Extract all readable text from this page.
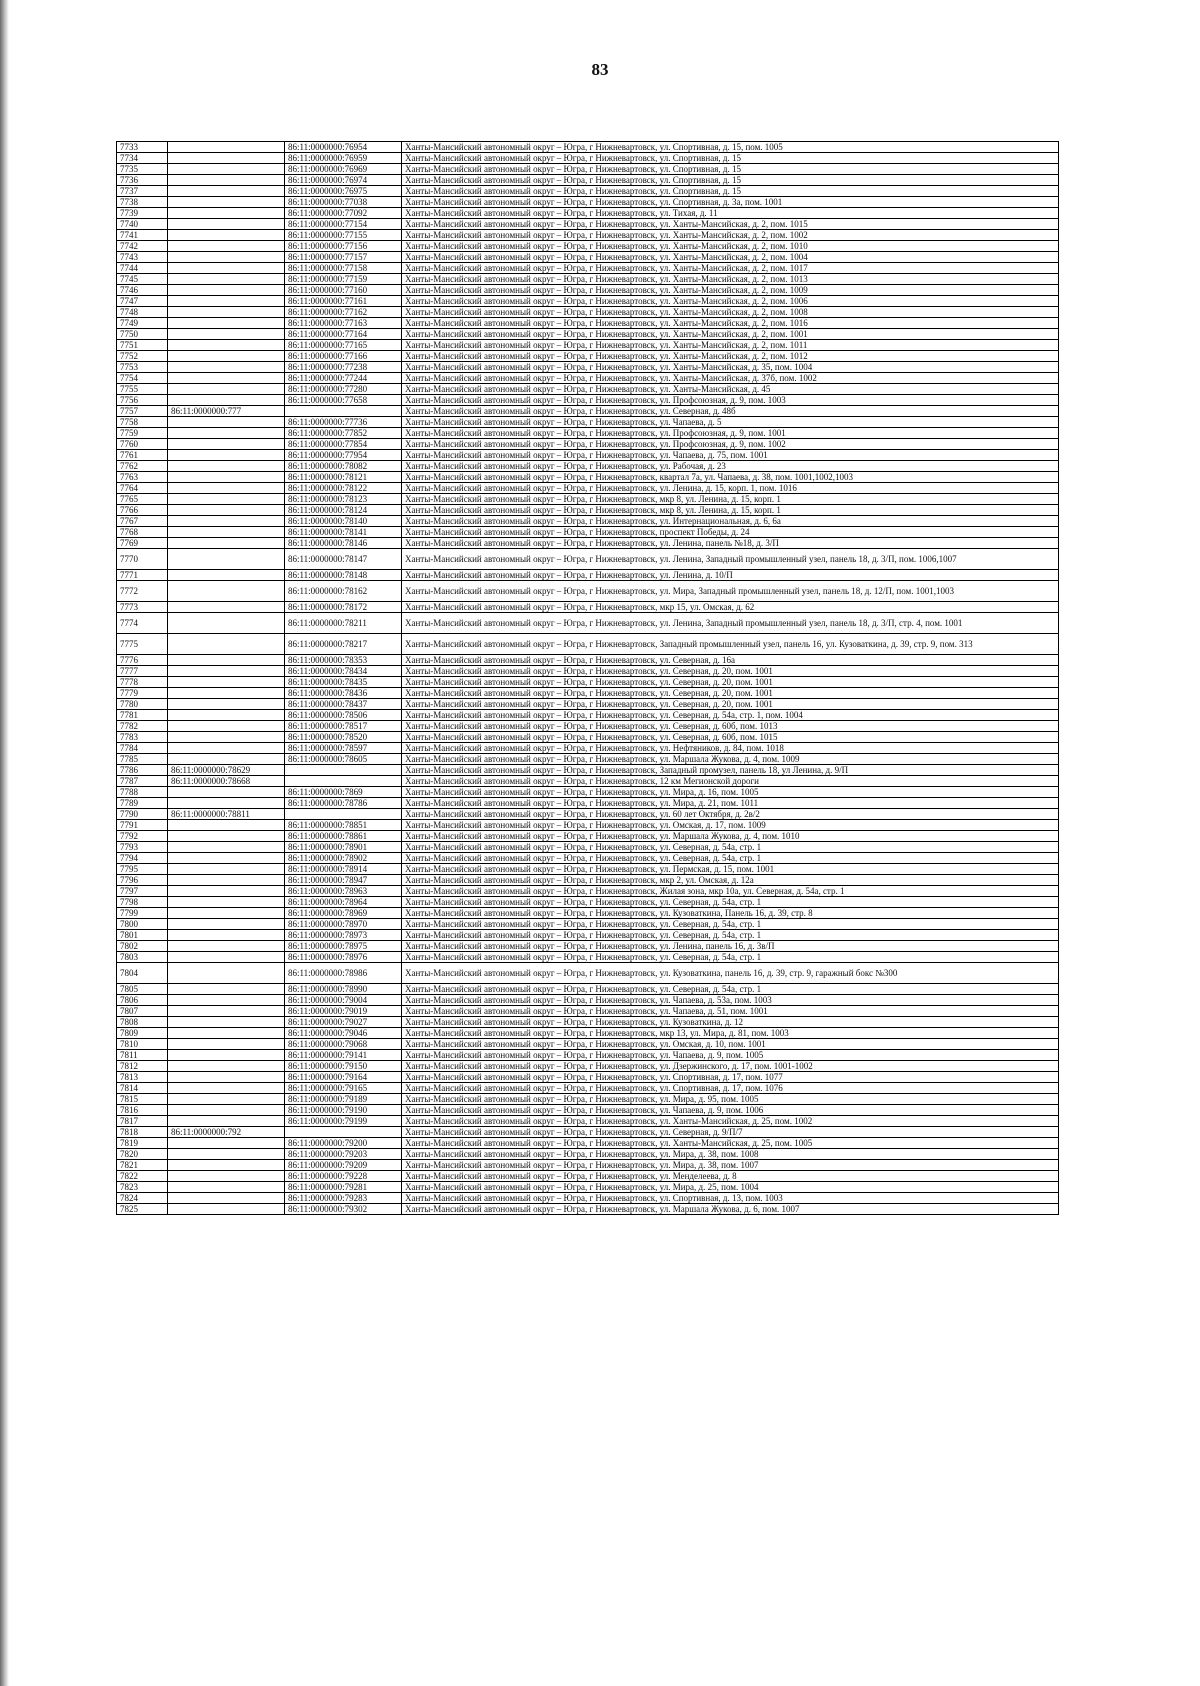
83
7733		86:11:0000000:76954	Ханты-Мансийский автономный округ – Югра, г Нижневартовск, ул. Спортивная, д. 15, пом. 1005
7734		86:11:0000000:76959	Ханты-Мансийский автономный округ – Югра, г Нижневартовск, ул. Спортивная, д. 15
7735		86:11:0000000:76969	Ханты-Мансийский автономный округ – Югра, г Нижневартовск, ул. Спортивная, д. 15
7736		86:11:0000000:76974	Ханты-Мансийский автономный округ – Югра, г Нижневартовск, ул. Спортивная, д. 15
7737		86:11:0000000:76975	Ханты-Мансийский автономный округ – Югра, г Нижневартовск, ул. Спортивная, д. 15
7738		86:11:0000000:77038	Ханты-Мансийский автономный округ – Югра, г Нижневартовск, ул. Спортивная, д. 3а, пом. 1001
7739		86:11:0000000:77092	Ханты-Мансийский автономный округ – Югра, г Нижневартовск, ул. Тихая, д. 11
7740		86:11:0000000:77154	Ханты-Мансийский автономный округ – Югра, г Нижневартовск, ул. Ханты-Мансийская, д. 2, пом. 1015
7741		86:11:0000000:77155	Ханты-Мансийский автономный округ – Югра, г Нижневартовск, ул. Ханты-Мансийская, д. 2, пом. 1002
7742		86:11:0000000:77156	Ханты-Мансийский автономный округ – Югра, г Нижневартовск, ул. Ханты-Мансийская, д. 2, пом. 1010
7743		86:11:0000000:77157	Ханты-Мансийский автономный округ – Югра, г Нижневартовск, ул. Ханты-Мансийская, д. 2, пом. 1004
7744		86:11:0000000:77158	Ханты-Мансийский автономный округ – Югра, г Нижневартовск, ул. Ханты-Мансийская, д. 2, пом. 1017
7745		86:11:0000000:77159	Ханты-Мансийский автономный округ – Югра, г Нижневартовск, ул. Ханты-Мансийская, д. 2, пом. 1013
7746		86:11:0000000:77160	Ханты-Мансийский автономный округ – Югра, г Нижневартовск, ул. Ханты-Мансийская, д. 2, пом. 1009
7747		86:11:0000000:77161	Ханты-Мансийский автономный округ – Югра, г Нижневартовск, ул. Ханты-Мансийская, д. 2, пом. 1006
7748		86:11:0000000:77162	Ханты-Мансийский автономный округ – Югра, г Нижневартовск, ул. Ханты-Мансийская, д. 2, пом. 1008
7749		86:11:0000000:77163	Ханты-Мансийский автономный округ – Югра, г Нижневартовск, ул. Ханты-Мансийская, д. 2, пом. 1016
7750		86:11:0000000:77164	Ханты-Мансийский автономный округ – Югра, г Нижневартовск, ул. Ханты-Мансийская, д. 2, пом. 1001
7751		86:11:0000000:77165	Ханты-Мансийский автономный округ – Югра, г Нижневартовск, ул. Ханты-Мансийская, д. 2, пом. 1011
7752		86:11:0000000:77166	Ханты-Мансийский автономный округ – Югра, г Нижневартовск, ул. Ханты-Мансийская, д. 2, пом. 1012
7753		86:11:0000000:77238	Ханты-Мансийский автономный округ – Югра, г Нижневартовск, ул. Ханты-Мансийская, д. 35, пом. 1004
7754		86:11:0000000:77244	Ханты-Мансийский автономный округ – Югра, г Нижневартовск, ул. Ханты-Мансийская, д. 37б, пом. 1002
7755		86:11:0000000:77280	Ханты-Мансийский автономный округ – Югра, г Нижневартовск, ул. Ханты-Мансийская, д. 45
7756		86:11:0000000:77658	Ханты-Мансийский автономный округ – Югра, г Нижневартовск, ул. Профсоюзная, д. 9, пом. 1003
7757	86:11:0000000:777		Ханты-Мансийский автономный округ – Югра, г Нижневартовск, ул. Северная, д. 48б
7758		86:11:0000000:77736	Ханты-Мансийский автономный округ – Югра, г Нижневартовск, ул. Чапаева, д. 5
7759		86:11:0000000:77852	Ханты-Мансийский автономный округ – Югра, г Нижневартовск, ул. Профсоюзная, д. 9, пом. 1001
7760		86:11:0000000:77854	Ханты-Мансийский автономный округ – Югра, г Нижневартовск, ул. Профсоюзная, д. 9, пом. 1002
7761		86:11:0000000:77954	Ханты-Мансийский автономный округ – Югра, г Нижневартовск, ул. Чапаева, д. 75, пом. 1001
7762		86:11:0000000:78082	Ханты-Мансийский автономный округ – Югра, г Нижневартовск, ул. Рабочая, д. 23
7763		86:11:0000000:78121	Ханты-Мансийский автономный округ – Югра, г Нижневартовск, квартал 7а, ул. Чапаева, д. 38, пом. 1001,1002,1003
7764		86:11:0000000:78122	Ханты-Мансийский автономный округ – Югра, г Нижневартовск, ул. Ленина, д. 15, корп. 1, пом. 1016
7765		86:11:0000000:78123	Ханты-Мансийский автономный округ – Югра, г Нижневартовск, мкр 8, ул. Ленина, д. 15, корп. 1
7766		86:11:0000000:78124	Ханты-Мансийский автономный округ – Югра, г Нижневартовск, мкр 8, ул. Ленина, д. 15, корп. 1
7767		86:11:0000000:78140	Ханты-Мансийский автономный округ – Югра, г Нижневартовск, ул. Интернациональная, д. 6, 6а
7768		86:11:0000000:78141	Ханты-Мансийский автономный округ – Югра, г Нижневартовск, проспект Победы, д. 24
7769		86:11:0000000:78146	Ханты-Мансийский автономный округ – Югра, г Нижневартовск, ул. Ленина, панель №18, д. 3/П
7770		86:11:0000000:78147	Ханты-Мансийский автономный округ – Югра, г Нижневартовск, ул. Ленина, Западный промышленный узел, панель 18, д. 3/П, пом. 1006,1007
7771		86:11:0000000:78148	Ханты-Мансийский автономный округ – Югра, г Нижневартовск, ул. Ленина, д. 10/П
7772		86:11:0000000:78162	Ханты-Мансийский автономный округ – Югра, г Нижневартовск, ул. Мира, Западный промышленный узел, панель 18, д. 12/П, пом. 1001,1003
7773		86:11:0000000:78172	Ханты-Мансийский автономный округ – Югра, г Нижневартовск, мкр 15, ул. Омская, д. 62
7774		86:11:0000000:78211	Ханты-Мансийский автономный округ – Югра, г Нижневартовск, ул. Ленина, Западный промышленный узел, панель 18, д. 3/П, стр. 4, пом. 1001
7775		86:11:0000000:78217	Ханты-Мансийский автономный округ – Югра, г Нижневартовск, Западный промышленный узел, панель 16, ул. Кузоваткина, д. 39, стр. 9, пом. 313
7776		86:11:0000000:78353	Ханты-Мансийский автономный округ – Югра, г Нижневартовск, ул. Северная, д. 16а
7777		86:11:0000000:78434	Ханты-Мансийский автономный округ – Югра, г Нижневартовск, ул. Северная, д. 20, пом. 1001
7778		86:11:0000000:78435	Ханты-Мансийский автономный округ – Югра, г Нижневартовск, ул. Северная, д. 20, пом. 1001
7779		86:11:0000000:78436	Ханты-Мансийский автономный округ – Югра, г Нижневартовск, ул. Северная, д. 20, пом. 1001
7780		86:11:0000000:78437	Ханты-Мансийский автономный округ – Югра, г Нижневартовск, ул. Северная, д. 20, пом. 1001
7781		86:11:0000000:78506	Ханты-Мансийский автономный округ – Югра, г Нижневартовск, ул. Северная, д. 54а, стр. 1, пом. 1004
7782		86:11:0000000:78517	Ханты-Мансийский автономный округ – Югра, г Нижневартовск, ул. Северная, д. 60б, пом. 1013
7783		86:11:0000000:78520	Ханты-Мансийский автономный округ – Югра, г Нижневартовск, ул. Северная, д. 60б, пом. 1015
7784		86:11:0000000:78597	Ханты-Мансийский автономный округ – Югра, г Нижневартовск, ул. Нефтяников, д. 84, пом. 1018
7785		86:11:0000000:78605	Ханты-Мансийский автономный округ – Югра, г Нижневартовск, ул. Маршала Жукова, д. 4, пом. 1009
7786	86:11:0000000:78629		Ханты-Мансийский автономный округ – Югра, г Нижневартовск, Западный промузел, панель 18, ул Ленина, д. 9/П
7787	86:11:0000000:78668		Ханты-Мансийский автономный округ – Югра, г Нижневартовск, 12 км Мегионской дороги
7788		86:11:0000000:7869	Ханты-Мансийский автономный округ – Югра, г Нижневартовск, ул. Мира, д. 16, пом. 1005
7789		86:11:0000000:78786	Ханты-Мансийский автономный округ – Югра, г Нижневартовск, ул. Мира, д. 21, пом. 1011
7790	86:11:0000000:78811		Ханты-Мансийский автономный округ – Югра, г Нижневартовск, ул. 60 лет Октября, д. 2в/2
7791		86:11:0000000:78851	Ханты-Мансийский автономный округ – Югра, г Нижневартовск, ул. Омская, д. 17, пом. 1009
7792		86:11:0000000:78861	Ханты-Мансийский автономный округ – Югра, г Нижневартовск, ул. Маршала Жукова, д. 4, пом. 1010
7793		86:11:0000000:78901	Ханты-Мансийский автономный округ – Югра, г Нижневартовск, ул. Северная, д. 54а, стр. 1
7794		86:11:0000000:78902	Ханты-Мансийский автономный округ – Югра, г Нижневартовск, ул. Северная, д. 54а, стр. 1
7795		86:11:0000000:78914	Ханты-Мансийский автономный округ – Югра, г Нижневартовск, ул. Пермская, д. 15, пом. 1001
7796		86:11:0000000:78947	Ханты-Мансийский автономный округ – Югра, г Нижневартовск, мкр 2, ул. Омская, д. 12а
7797		86:11:0000000:78963	Ханты-Мансийский автономный округ – Югра, г Нижневартовск, Жилая зона, мкр 10а, ул. Северная, д. 54а, стр. 1
7798		86:11:0000000:78964	Ханты-Мансийский автономный округ – Югра, г Нижневартовск, ул. Северная, д. 54а, стр. 1
7799		86:11:0000000:78969	Ханты-Мансийский автономный округ – Югра, г Нижневартовск, ул. Кузоваткина, Панель 16, д. 39, стр. 8
7800		86:11:0000000:78970	Ханты-Мансийский автономный округ – Югра, г Нижневартовск, ул. Северная, д. 54а, стр. 1
7801		86:11:0000000:78973	Ханты-Мансийский автономный округ – Югра, г Нижневартовск, ул. Северная, д. 54а, стр. 1
7802		86:11:0000000:78975	Ханты-Мансийский автономный округ – Югра, г Нижневартовск, ул. Ленина, панель 16, д. 3в/П
7803		86:11:0000000:78976	Ханты-Мансийский автономный округ – Югра, г Нижневартовск, ул. Северная, д. 54а, стр. 1
7804		86:11:0000000:78986	Ханты-Мансийский автономный округ – Югра, г Нижневартовск, ул. Кузоваткина, панель 16, д. 39, стр. 9, гаражный бокс №300
7805		86:11:0000000:78990	Ханты-Мансийский автономный округ – Югра, г Нижневартовск, ул. Северная, д. 54а, стр. 1
7806		86:11:0000000:79004	Ханты-Мансийский автономный округ – Югра, г Нижневартовск, ул. Чапаева, д. 53а, пом. 1003
7807		86:11:0000000:79019	Ханты-Мансийский автономный округ – Югра, г Нижневартовск, ул. Чапаева, д. 51, пом. 1001
7808		86:11:0000000:79027	Ханты-Мансийский автономный округ – Югра, г Нижневартовск, ул. Кузоваткина, д. 12
7809		86:11:0000000:79046	Ханты-Мансийский автономный округ – Югра, г Нижневартовск, мкр 13, ул. Мира, д. 81, пом. 1003
7810		86:11:0000000:79068	Ханты-Мансийский автономный округ – Югра, г Нижневартовск, ул. Омская, д. 10, пом. 1001
7811		86:11:0000000:79141	Ханты-Мансийский автономный округ – Югра, г Нижневартовск, ул. Чапаева, д. 9, пом. 1005
7812		86:11:0000000:79150	Ханты-Мансийский автономный округ – Югра, г Нижневартовск, ул. Дзержинского, д. 17, пом. 1001-1002
7813		86:11:0000000:79164	Ханты-Мансийский автономный округ – Югра, г Нижневартовск, ул. Спортивная, д. 17, пом. 1077
7814		86:11:0000000:79165	Ханты-Мансийский автономный округ – Югра, г Нижневартовск, ул. Спортивная, д. 17, пом. 1076
7815		86:11:0000000:79189	Ханты-Мансийский автономный округ – Югра, г Нижневартовск, ул. Мира, д. 95, пом. 1005
7816		86:11:0000000:79190	Ханты-Мансийский автономный округ – Югра, г Нижневартовск, ул. Чапаева, д. 9, пом. 1006
7817		86:11:0000000:79199	Ханты-Мансийский автономный округ – Югра, г Нижневартовск, ул. Ханты-Мансийская, д. 25, пом. 1002
7818	86:11:0000000:792		Ханты-Мансийский автономный округ – Югра, г Нижневартовск, ул. Северная, д. 9/П/7
7819		86:11:0000000:79200	Ханты-Мансийский автономный округ – Югра, г Нижневартовск, ул. Ханты-Мансийская, д. 25, пом. 1005
7820		86:11:0000000:79203	Ханты-Мансийский автономный округ – Югра, г Нижневартовск, ул. Мира, д. 38, пом. 1008
7821		86:11:0000000:79209	Ханты-Мансийский автономный округ – Югра, г Нижневартовск, ул. Мира, д. 38, пом. 1007
7822		86:11:0000000:79228	Ханты-Мансийский автономный округ – Югра, г Нижневартовск, ул. Менделеева, д. 8
7823		86:11:0000000:79281	Ханты-Мансийский автономный округ – Югра, г Нижневартовск, ул. Мира, д. 25, пом. 1004
7824		86:11:0000000:79283	Ханты-Мансийский автономный округ – Югра, г Нижневартовск, ул. Спортивная, д. 13, пом. 1003
7825		86:11:0000000:79302	Ханты-Мансийский автономный округ – Югра, г Нижневартовск, ул. Маршала Жукова, д. 6, пом. 1007
